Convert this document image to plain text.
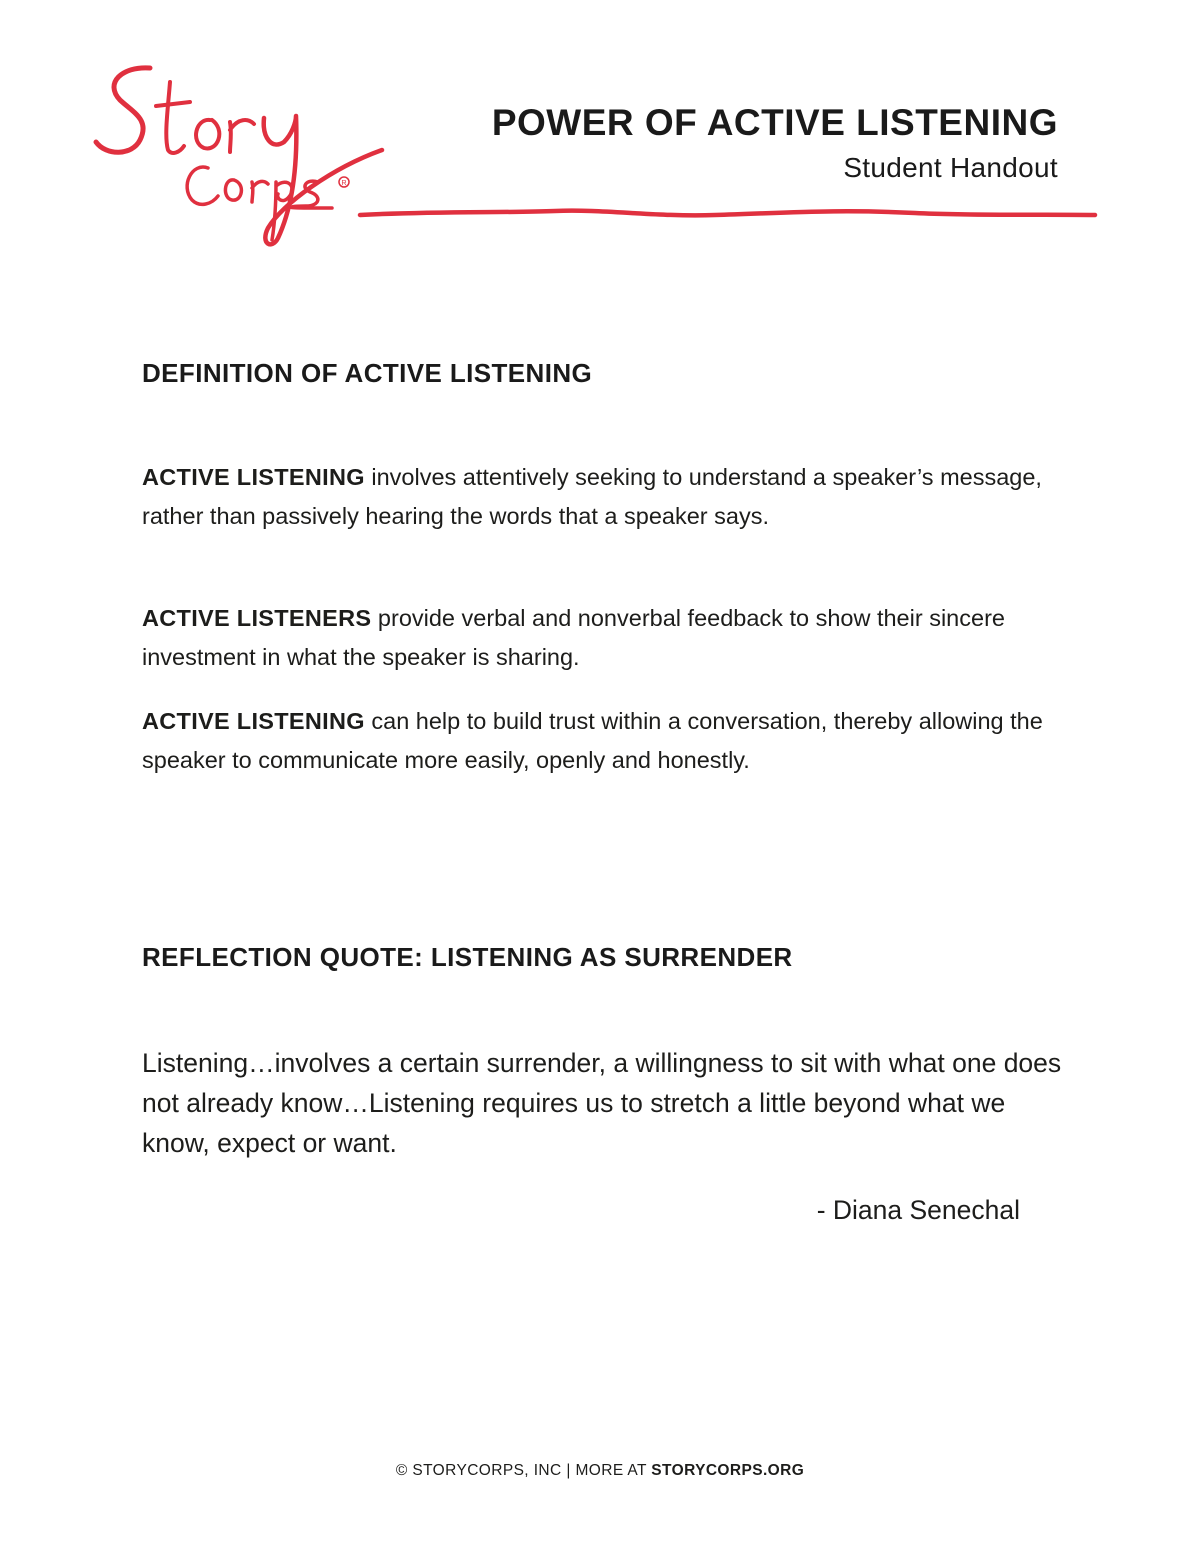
R
POWER OF ACTIVE LISTENING
Student Handout
DEFINITION OF ACTIVE LISTENING

ACTIVE LISTENING involves attentively seeking to understand a speaker’s message, rather than passively hearing the words that a speaker says.

ACTIVE LISTENERS provide verbal and nonverbal feedback to show their sincere investment in what the speaker is sharing.

ACTIVE LISTENING can help to build trust within a conversation, thereby allowing the speaker to communicate more easily, openly and honestly.

REFLECTION QUOTE: LISTENING AS SURRENDER

Listening…involves a certain surrender, a willingness to sit with what one does not already know…Listening requires us to stretch a little beyond what we know, expect or want.

- Diana Senechal
© STORYCORPS, INC | MORE AT STORYCORPS.ORG
